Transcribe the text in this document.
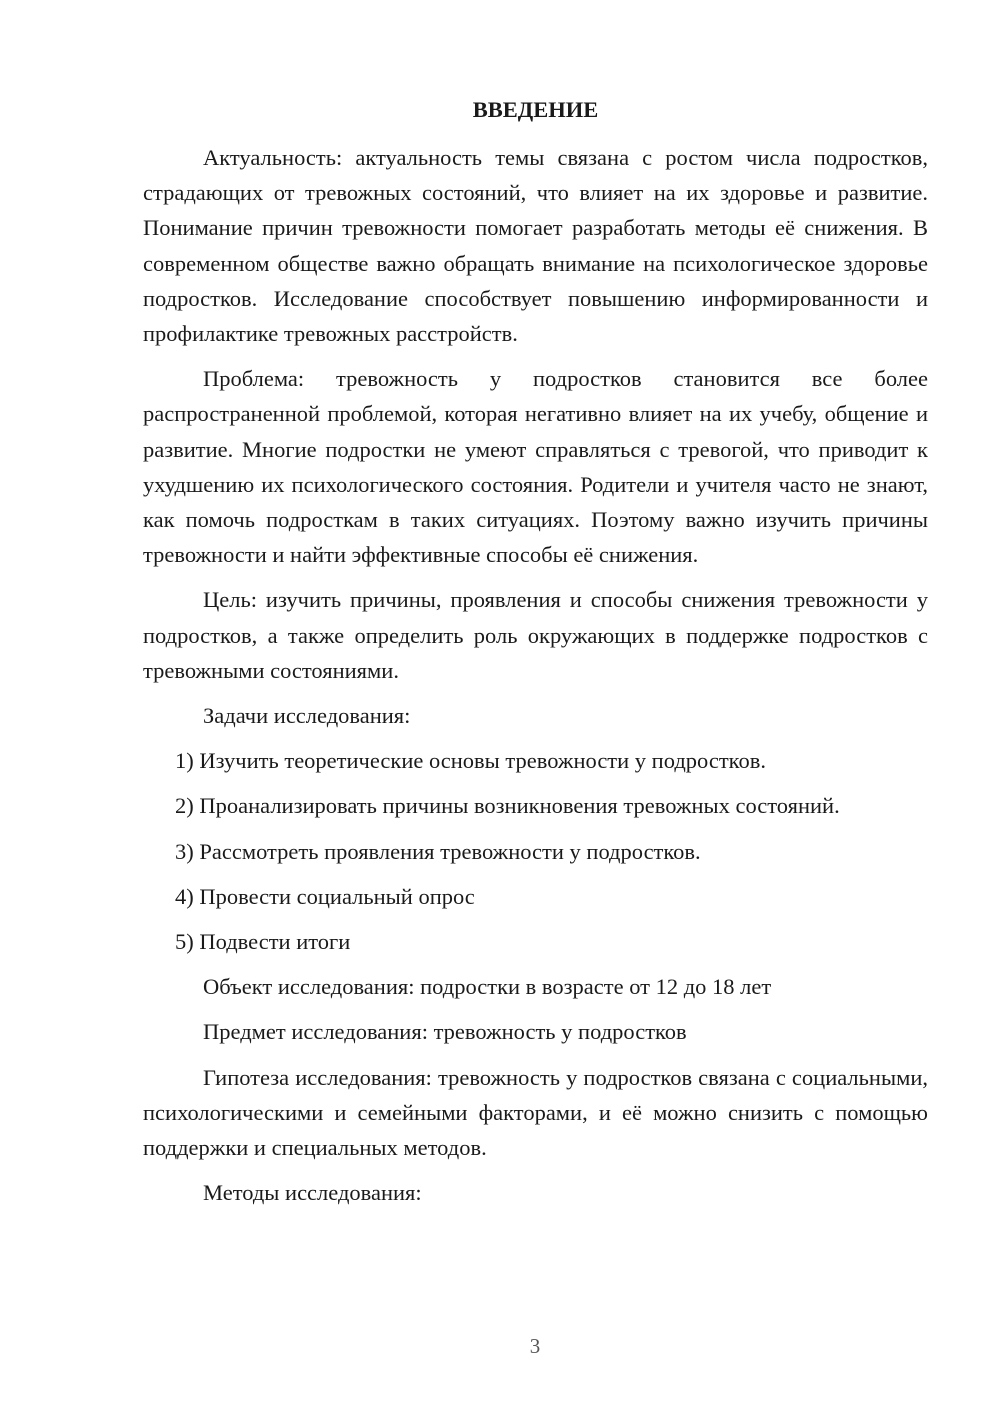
ВВЕДЕНИЕ

Актуальность: актуальность темы связана с ростом числа подростков, страдающих от тревожных состояний, что влияет на их здоровье и развитие. Понимание причин тревожности помогает разработать методы её снижения. В современном обществе важно обращать внимание на психологическое здоровье подростков. Исследование способствует повышению информированности и профилактике тревожных расстройств.

Проблема: тревожность у подростков становится все более распространенной проблемой, которая негативно влияет на их учебу, общение и развитие. Многие подростки не умеют справляться с тревогой, что приводит к ухудшению их психологического состояния. Родители и учителя часто не знают, как помочь подросткам в таких ситуациях. Поэтому важно изучить причины тревожности и найти эффективные способы её снижения.

Цель: изучить причины, проявления и способы снижения тревожности у подростков, а также определить роль окружающих в поддержке подростков с тревожными состояниями.

Задачи исследования:
1) Изучить теоретические основы тревожности у подростков.
2) Проанализировать причины возникновения тревожных состояний.
3) Рассмотреть проявления тревожности у подростков.
4) Провести социальный опрос
5) Подвести итоги
Объект исследования: подростки в возрасте от 12 до 18 лет
Предмет исследования: тревожность у подростков

Гипотеза исследования: тревожность у подростков связана с социальными, психологическими и семейными факторами, и её можно снизить с помощью поддержки и специальных методов.

Методы исследования:
3
